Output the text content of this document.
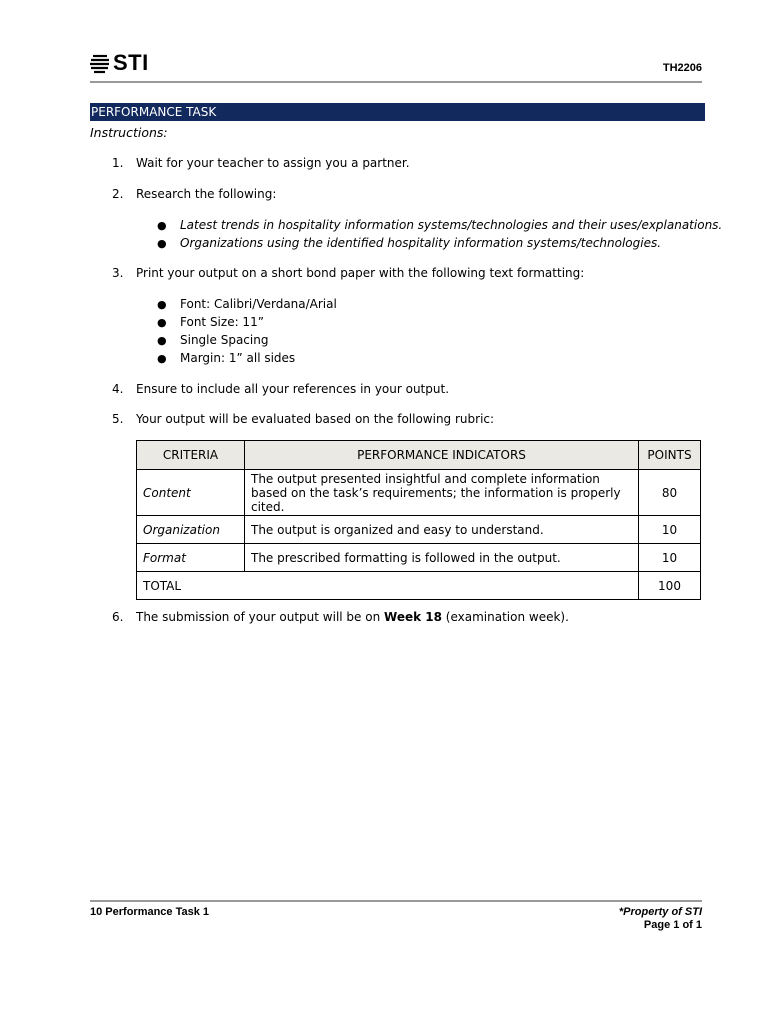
STI	TH2206
PERFORMANCE TASK
Instructions:
1. Wait for your teacher to assign you a partner.
2. Research the following:
● Latest trends in hospitality information systems/technologies and their uses/explanations.
● Organizations using the identified hospitality information systems/technologies.
3. Print your output on a short bond paper with the following text formatting:
● Font: Calibri/Verdana/Arial
● Font Size: 11”
● Single Spacing
● Margin: 1” all sides
4. Ensure to include all your references in your output.
5. Your output will be evaluated based on the following rubric:
CRITERIA	PERFORMANCE INDICATORS	POINTS
Content	The output presented insightful and complete information based on the task’s requirements; the information is properly cited.	80
Organization	The output is organized and easy to understand.	10
Format	The prescribed formatting is followed in the output.	10
TOTAL		100
6. The submission of your output will be on Week 18 (examination week).
10 Performance Task 1	*Property of STI
Page 1 of 1
